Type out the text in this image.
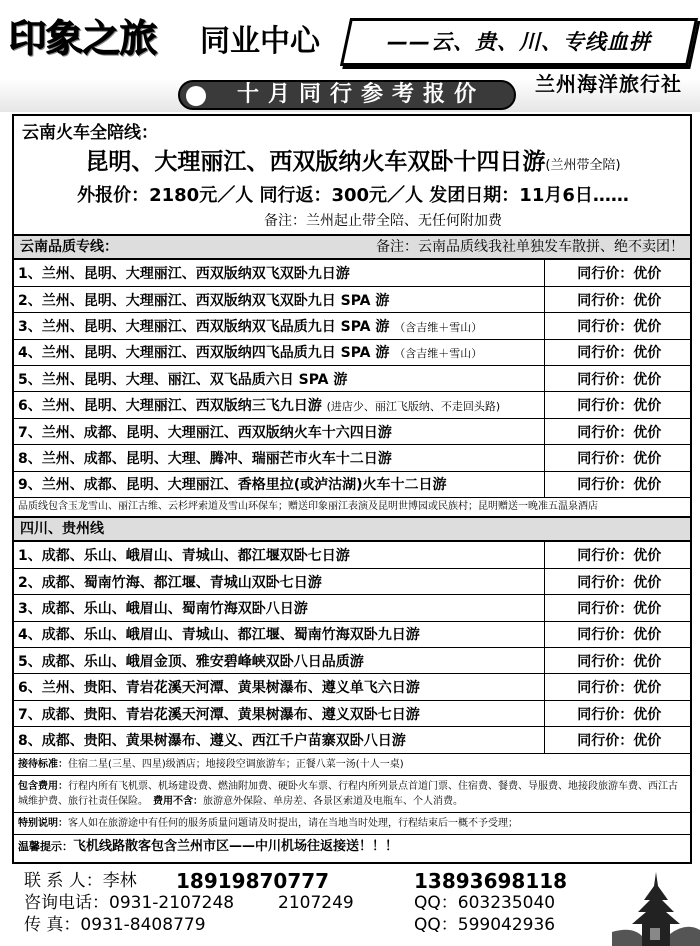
印象之旅 同业中心	——云、贵、川、专线血拼
十月同行参考报价	兰州海洋旅行社
云南火车全陪线：
昆明、大理丽江、西双版纳火车双卧十四日游(兰州带全陪)
外报价：2180元／人 同行返：300元／人 发团日期：11月6日……
备注：兰州起止带全陪、无任何附加费
云南品质专线：	备注：云南品质线我社单独发车散拼、绝不卖团！
1、兰州、昆明、大理丽江、西双版纳双飞双卧九日游	同行价：优价
2、兰州、昆明、大理丽江、西双版纳双飞双卧九日 SPA 游	同行价：优价
3、兰州、昆明、大理丽江、西双版纳双飞品质九日 SPA 游 （含吉维＋雪山）	同行价：优价
4、兰州、昆明、大理丽江、西双版纳四飞品质九日 SPA 游 （含吉维＋雪山）	同行价：优价
5、兰州、昆明、大理、丽江、双飞品质六日 SPA 游	同行价：优价
6、兰州、昆明、大理丽江、西双版纳三飞九日游 (进店少、丽江飞版纳、不走回头路)	同行价：优价
7、兰州、成都、昆明、大理丽江、西双版纳火车十六四日游	同行价：优价
8、兰州、成都、昆明、大理、腾冲、瑞丽芒市火车十二日游	同行价：优价
9、兰州、成都、昆明、大理丽江、香格里拉(或泸沽湖)火车十二日游	同行价：优价
品质线包含玉龙雪山、丽江古维、云杉坪索道及雪山环保车；赠送印象丽江表演及昆明世博园或民族村；昆明赠送一晚准五温泉酒店
四川、贵州线
1、成都、乐山、峨眉山、青城山、都江堰双卧七日游	同行价：优价
2、成都、蜀南竹海、都江堰、青城山双卧七日游	同行价：优价
3、成都、乐山、峨眉山、蜀南竹海双卧八日游	同行价：优价
4、成都、乐山、峨眉山、青城山、都江堰、蜀南竹海双卧九日游	同行价：优价
5、成都、乐山、峨眉金顶、雅安碧峰峡双卧八日品质游	同行价：优价
6、兰州、贵阳、青岩花溪天河潭、黄果树瀑布、遵义单飞六日游	同行价：优价
7、成都、贵阳、青岩花溪天河潭、黄果树瀑布、遵义双卧七日游	同行价：优价
8、成都、贵阳、黄果树瀑布、遵义、西江千户苗寨双卧八日游	同行价：优价
接待标准：住宿二星(三星、四星)级酒店；地接段空调旅游车；正餐八菜一汤(十人一桌)
包含费用：行程内所有飞机票、机场建设费、燃油附加费、硬卧火车票、行程内所列景点首道门票、住宿费、餐费、导服费、地接段旅游车费、西江古城维护费、旅行社责任保险。　 费用不含：旅游意外保险、单房差、各景区索道及电瓶车、个人消费。
特别说明：客人如在旅游途中有任何的服务质量问题请及时提出，请在当地当时处理，行程结束后一概不予受理；
温馨提示：飞机线路散客包含兰州市区——中川机场往返接送！！！
联 系 人：李林 18919870777	13893698118
咨询电话：0931-2107248	2107249	QQ：603235040
传 真：0931-8408779	QQ：599042936
